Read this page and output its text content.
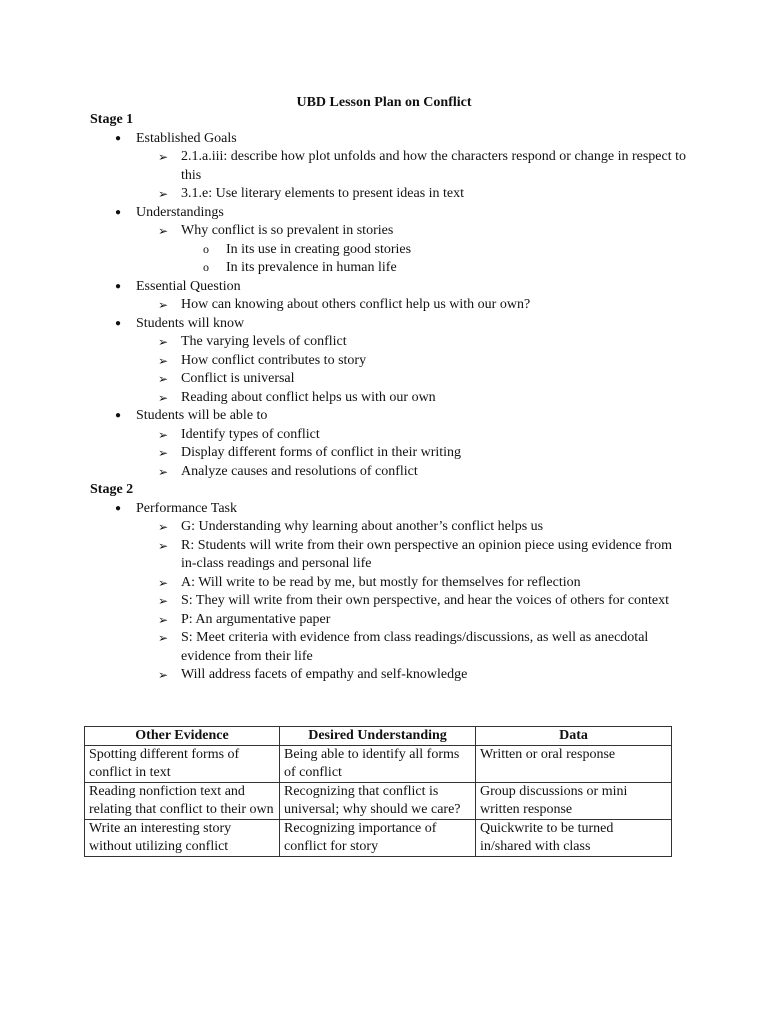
UBD Lesson Plan on Conflict

Stage 1

● Established Goals
➢ 2.1.a.iii: describe how plot unfolds and how the characters respond or change in respect to this
➢ 3.1.e: Use literary elements to present ideas in text
● Understandings
➢ Why conflict is so prevalent in stories
o In its use in creating good stories
o In its prevalence in human life
● Essential Question
➢ How can knowing about others conflict help us with our own?
● Students will know
➢ The varying levels of conflict
➢ How conflict contributes to story
➢ Conflict is universal
➢ Reading about conflict helps us with our own
● Students will be able to
➢ Identify types of conflict
➢ Display different forms of conflict in their writing
➢ Analyze causes and resolutions of conflict

Stage 2

● Performance Task
➢ G: Understanding why learning about another’s conflict helps us
➢ R: Students will write from their own perspective an opinion piece using evidence from in-class readings and personal life
➢ A: Will write to be read by me, but mostly for themselves for reflection
➢ S: They will write from their own perspective, and hear the voices of others for context
➢ P: An argumentative paper
➢ S: Meet criteria with evidence from class readings/discussions, as well as anecdotal evidence from their life
➢ Will address facets of empathy and self-knowledge
Other Evidence	Desired Understanding	Data
Spotting different forms of conflict in text	Being able to identify all forms of conflict	Written or oral response
Reading nonfiction text and relating that conflict to their own	Recognizing that conflict is universal; why should we care?	Group discussions or mini written response
Write an interesting story without utilizing conflict	Recognizing importance of conflict for story	Quickwrite to be turned in/shared with class
